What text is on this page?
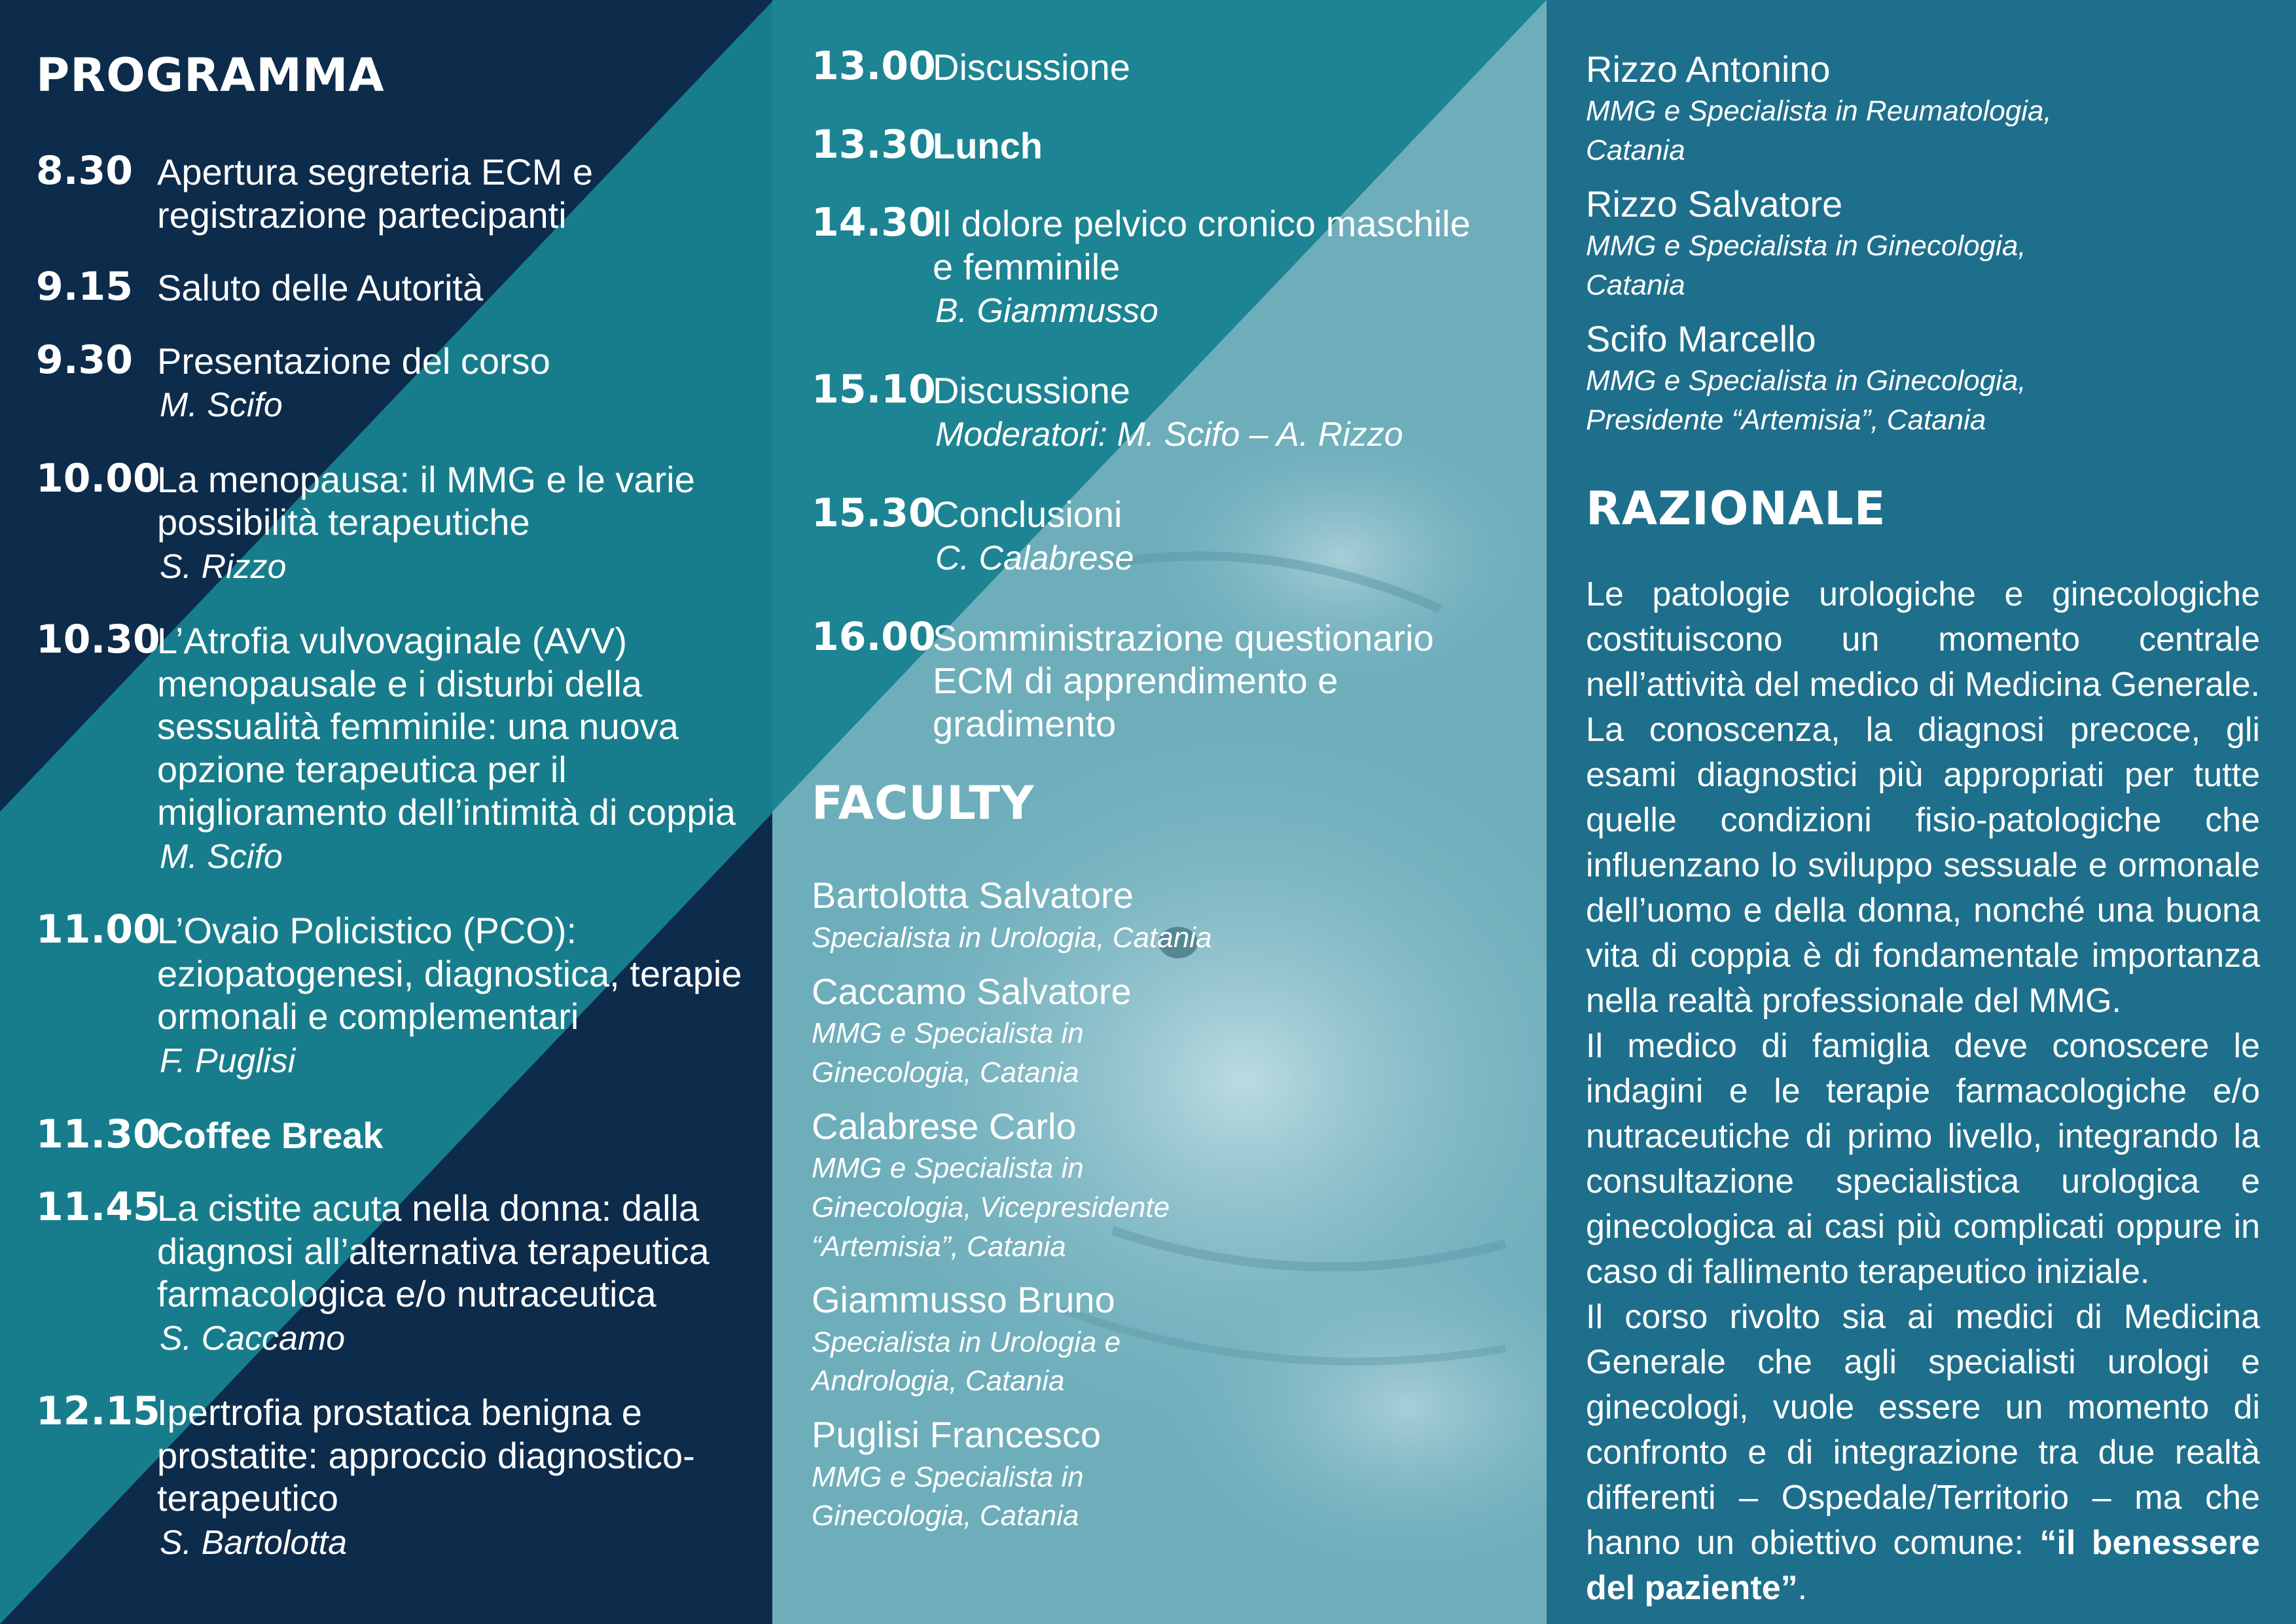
PROGRAMMA
8.30 Apertura segreteria ECM e registrazione partecipanti
9.15 Saluto delle Autorità
9.30 Presentazione del corso
M. Scifo
10.00
La menopausa: il MMG e le varie possibilità terapeutiche
S. Rizzo
10.30
L’Atrofia vulvovaginale (AVV) menopausale e i disturbi della sessualità femminile: una nuova opzione terapeutica per il miglioramento dell’intimità di coppia
M. Scifo
11.00
L’Ovaio Policistico (PCO): eziopatogenesi, diagnostica, terapie ormonali e complementari
F. Puglisi
11.30
Coffee Break
11.45
La cistite acuta nella donna: dalla diagnosi all’alternativa terapeutica farmacologica e/o nutraceutica
S. Caccamo
12.15
Ipertrofia prostatica benigna e prostatite: approccio diagnostico-terapeutico
S. Bartolotta
13.00
Discussione
13.30
Lunch
14.30
Il dolore pelvico cronico maschile e femminile
B. Giammusso
15.10
Discussione
Moderatori: M. Scifo – A. Rizzo
15.30
Conclusioni
C. Calabrese
16.00
Somministrazione questionario ECM di apprendimento e gradimento
FACULTY
Bartolotta Salvatore
Specialista in Urologia, Catania
Caccamo Salvatore
MMG e Specialista in Ginecologia, Catania
Calabrese Carlo
MMG e Specialista in Ginecologia, Vicepresidente “Artemisia”, Catania
Giammusso Bruno
Specialista in Urologia e Andrologia, Catania
Puglisi Francesco
MMG e Specialista in Ginecologia, Catania
Rizzo Antonino
MMG e Specialista in Reumatologia, Catania
Rizzo Salvatore
MMG e Specialista in Ginecologia, Catania
Scifo Marcello
MMG e Specialista in Ginecologia, Presidente “Artemisia”, Catania
RAZIONALE

Le patologie urologiche e ginecologiche costituiscono un momento centrale nell’attività del medico di Medicina Generale. La conoscenza, la diagnosi precoce, gli esami diagnostici più appropriati per tutte quelle condizioni fisio-patologiche che influenzano lo sviluppo sessuale e ormonale dell’uomo e della donna, nonché una buona vita di coppia è di fondamentale importanza nella realtà professionale del MMG.

Il medico di famiglia deve conoscere le indagini e le terapie farmacologiche e/o nutraceutiche di primo livello, integrando la consultazione specialistica urologica e ginecologica ai casi più complicati oppure in caso di fallimento terapeutico iniziale.

Il corso rivolto sia ai medici di Medicina Generale che agli specialisti urologi e ginecologi, vuole essere un momento di confronto e di integrazione tra due realtà differenti – Ospedale/Territorio – ma che hanno un obiettivo comune: “il benessere del paziente”.
